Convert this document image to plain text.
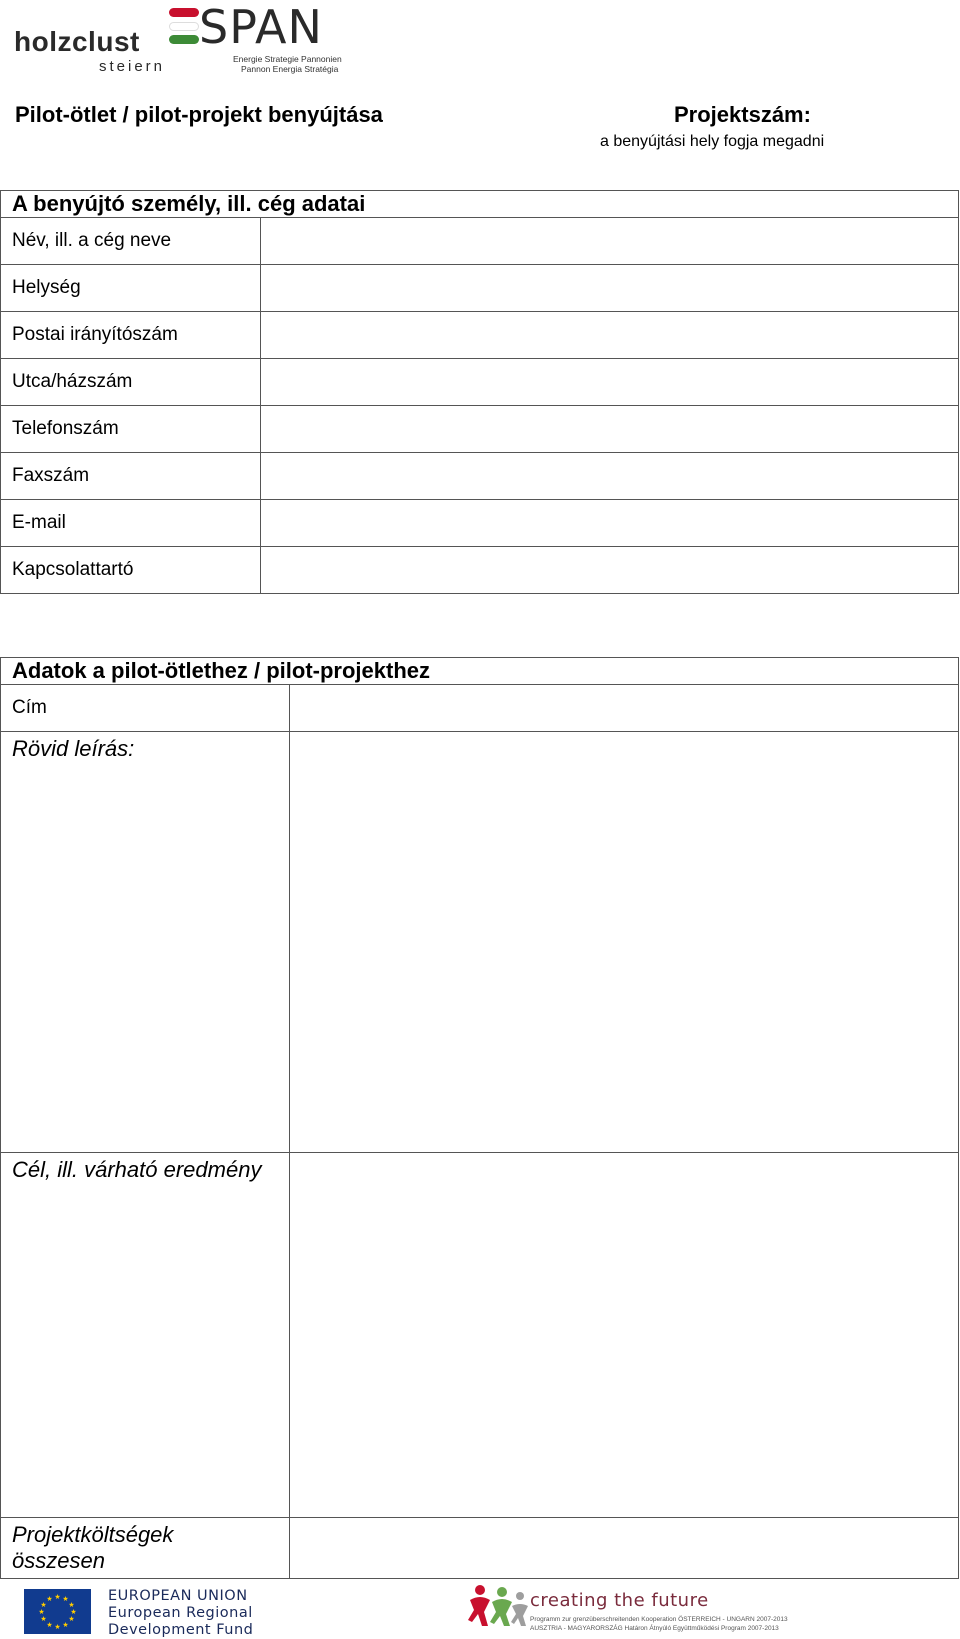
holzclust
steiern
SPAN
Energie Strategie Pannonien
Pannon Energia Stratégia
Pilot-ötlet / pilot-projekt benyújtása	Projektszám:
a benyújtási hely fogja megadni
A benyújtó személy, ill. cég adatai	
Név, ill. a cég neve	
Helység	
Postai irányítószám	
Utca/házszám	
Telefonszám	
Faxszám	
E-mail	
Kapcsolattartó	
Adatok a pilot-ötlethez / pilot-projekthez	
Cím	
Rövid leírás:	
Cél, ill. várható eredmény	
Projektköltségek
összesen	
★ ★
★
★
★
★
★
★
★
★
★
★	EUROPEAN UNION
European Regional
Development Fund
creating the future
Programm zur grenzüberschreitenden Kooperation ÖSTERREICH - UNGARN 2007-2013
AUSZTRIA - MAGYARORSZÁG Határon Átnyúló Együttműködési Program 2007-2013
